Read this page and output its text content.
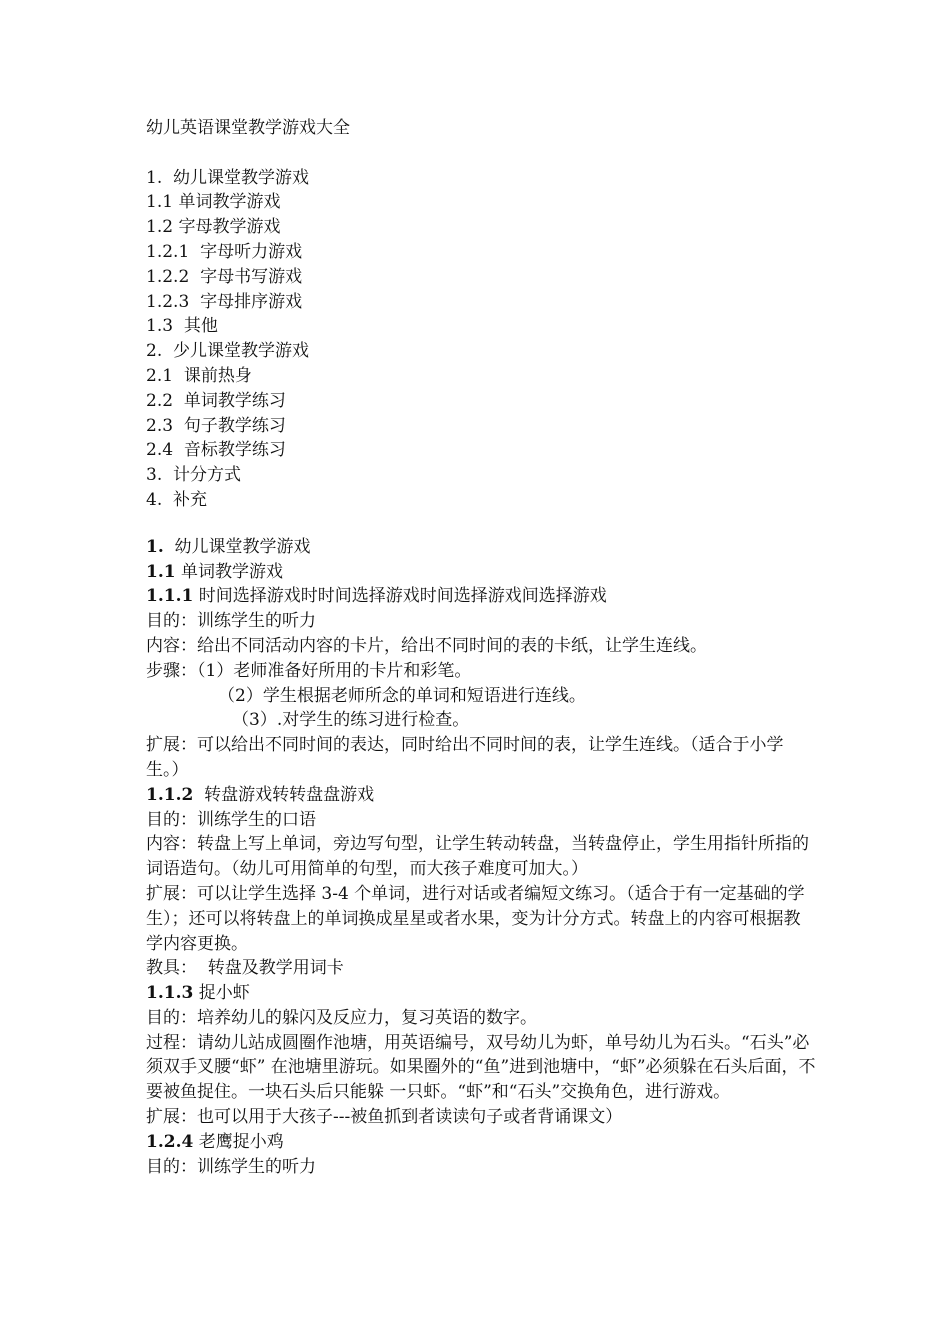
幼儿英语课堂教学游戏大全

1.  幼儿课堂教学游戏

1.1 单词教学游戏

1.2 字母教学游戏

1.2.1  字母听力游戏

1.2.2  字母书写游戏

1.2.3  字母排序游戏

1.3  其他

2.  少儿课堂教学游戏

2.1  课前热身

2.2  单词教学练习

2.3  句子教学练习

2.4  音标教学练习

3.  计分方式

4.  补充

1.  幼儿课堂教学游戏

1.1 单词教学游戏

1.1.1 时间选择游戏时时间选择游戏时间选择游戏间选择游戏

目的：训练学生的听力

内容：给出不同活动内容的卡片，给出不同时间的表的卡纸，让学生连线。

步骤：（1）老师准备好所用的卡片和彩笔。

（2）学生根据老师所念的单词和短语进行连线。

（3）.对学生的练习进行检查。

扩展：可以给出不同时间的表达，同时给出不同时间的表，让学生连线。（适合于小学生。）

1.1.2  转盘游戏转转盘盘游戏

目的：训练学生的口语

内容：转盘上写上单词，旁边写句型，让学生转动转盘，当转盘停止，学生用指针所指的词语造句。（幼儿可用简单的句型，而大孩子难度可加大。）

扩展：可以让学生选择 3-4 个单词，进行对话或者编短文练习。（适合于有一定基础的学生）；还可以将转盘上的单词换成星星或者水果，变为计分方式。转盘上的内容可根据教学内容更换。

教具：  转盘及教学用词卡

1.1.3 捉小虾

目的：培养幼儿的躲闪及反应力，复习英语的数字。

过程：请幼儿站成圆圈作池塘，用英语编号，双号幼儿为虾，单号幼儿为石头。“石头”必须双手叉腰“虾” 在池塘里游玩。如果圈外的“鱼”进到池塘中，“虾”必须躲在石头后面，不要被鱼捉住。一块石头后只能躲 一只虾。“虾”和“石头”交换角色，进行游戏。

扩展：也可以用于大孩子---被鱼抓到者读读句子或者背诵课文）

1.2.4 老鹰捉小鸡

目的：训练学生的听力
